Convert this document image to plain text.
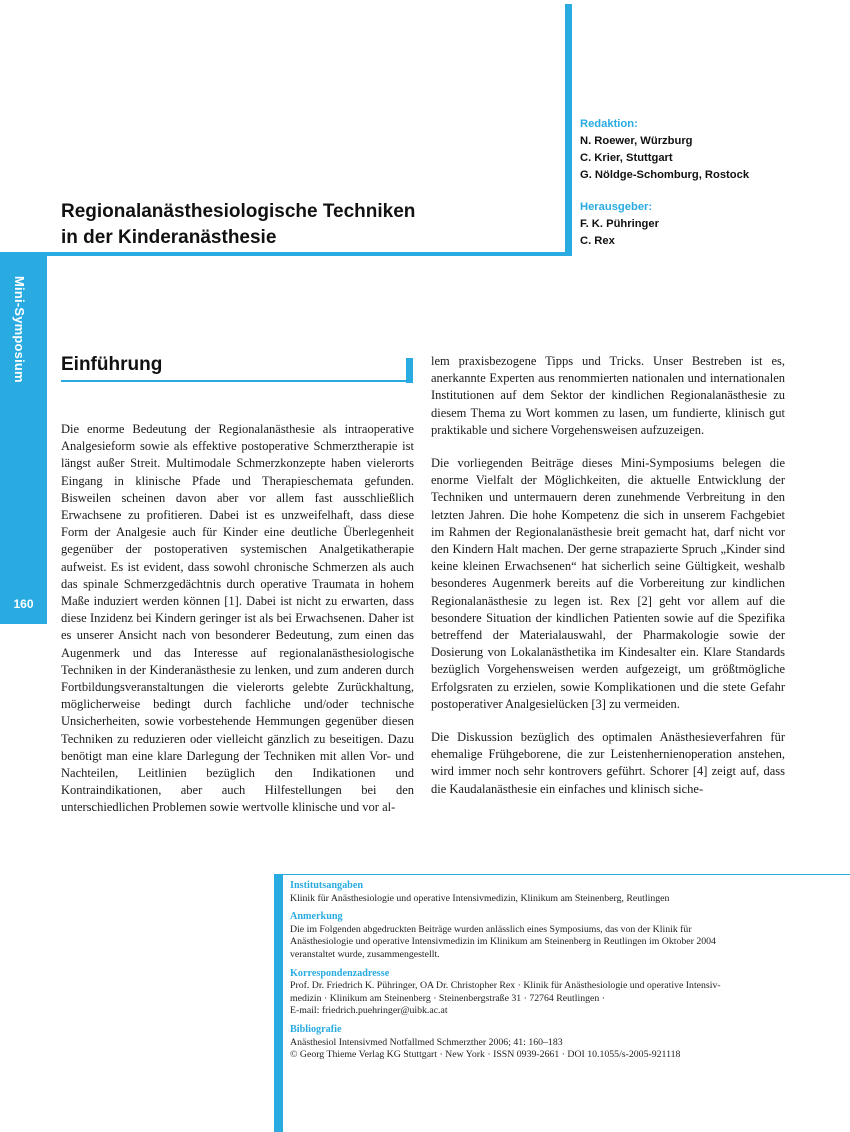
Mini-Symposium
160
Regionalanästhesiologische Techniken
in der Kinderanästhesie
Redaktion:
N. Roewer, Würzburg
C. Krier, Stuttgart
G. Nöldge-Schomburg, Rostock
Herausgeber:
F. K. Pühringer
C. Rex
Einführung

Die enorme Bedeutung der Regionalanästhesie als intraoperative Analgesieform sowie als effektive postoperative Schmerztherapie ist längst außer Streit. Multimodale Schmerzkonzepte haben vielerorts Eingang in klinische Pfade und Therapieschemata gefunden. Bisweilen scheinen davon aber vor allem fast ausschließlich Erwachsene zu profitieren. Dabei ist es unzweifelhaft, dass diese Form der Analgesie auch für Kinder eine deutliche Überlegenheit gegenüber der postoperativen systemischen Analgetikatherapie aufweist. Es ist evident, dass sowohl chronische Schmerzen als auch das spinale Schmerzgedächtnis durch operative Traumata in hohem Maße induziert werden können [1]. Dabei ist nicht zu erwarten, dass diese Inzidenz bei Kindern geringer ist als bei Erwachsenen. Daher ist es unserer Ansicht nach von besonderer Bedeutung, zum einen das Augenmerk und das Interesse auf regionalanästhesiologische Techniken in der Kinderanästhesie zu lenken, und zum anderen durch Fortbildungsveranstaltungen die vielerorts gelebte Zurückhaltung, möglicherweise bedingt durch fachliche und/oder technische Unsicherheiten, sowie vorbestehende Hemmungen gegenüber diesen Techniken zu reduzieren oder vielleicht gänzlich zu beseitigen. Dazu benötigt man eine klare Darlegung der Techniken mit allen Vor- und Nachteilen, Leitlinien bezüglich den Indikationen und Kontraindikationen, aber auch Hilfestellungen bei den unterschiedlichen Problemen sowie wertvolle klinische und vor al-

lem praxisbezogene Tipps und Tricks. Unser Bestreben ist es, anerkannte Experten aus renommierten nationalen und internationalen Institutionen auf dem Sektor der kindlichen Regionalanästhesie zu diesem Thema zu Wort kommen zu lasen, um fundierte, klinisch gut praktikable und sichere Vorgehensweisen aufzuzeigen.

Die vorliegenden Beiträge dieses Mini-Symposiums belegen die enorme Vielfalt der Möglichkeiten, die aktuelle Entwicklung der Techniken und untermauern deren zunehmende Verbreitung in den letzten Jahren. Die hohe Kompetenz die sich in unserem Fachgebiet im Rahmen der Regionalanästhesie breit gemacht hat, darf nicht vor den Kindern Halt machen. Der gerne strapazierte Spruch „Kinder sind keine kleinen Erwachsenen“ hat sicherlich seine Gültigkeit, weshalb besonderes Augenmerk bereits auf die Vorbereitung zur kindlichen Regionalanästhesie zu legen ist. Rex [2] geht vor allem auf die besondere Situation der kindlichen Patienten sowie auf die Spezifika betreffend der Materialauswahl, der Pharmakologie sowie der Dosierung von Lokalanästhetika im Kindesalter ein. Klare Standards bezüglich Vorgehensweisen werden aufgezeigt, um größtmögliche Erfolgsraten zu erzielen, sowie Komplikationen und die stete Gefahr postoperativer Analgesielücken [3] zu vermeiden.

Die Diskussion bezüglich des optimalen Anästhesieverfahren für ehemalige Frühgeborene, die zur Leistenhernienoperation anstehen, wird immer noch sehr kontrovers geführt. Schorer [4] zeigt auf, dass die Kaudalanästhesie ein einfaches und klinisch siche-

Institutsangaben
Klinik für Anästhesiologie und operative Intensivmedizin, Klinikum am Steinenberg, Reutlingen
Anmerkung
Die im Folgenden abgedruckten Beiträge wurden anlässlich eines Symposiums, das von der Klinik für
Anästhesiologie und operative Intensivmedizin im Klinikum am Steinenberg in Reutlingen im Oktober 2004
veranstaltet wurde, zusammengestellt.
Korrespondenzadresse
Prof. Dr. Friedrich K. Pühringer, OA Dr. Christopher Rex · Klinik für Anästhesiologie und operative Intensiv-
medizin · Klinikum am Steinenberg · Steinenbergstraße 31 · 72764 Reutlingen ·
E-mail: friedrich.puehringer@uibk.ac.at
Bibliografie
Anästhesiol Intensivmed Notfallmed Schmerzther 2006; 41: 160–183
© Georg Thieme Verlag KG Stuttgart · New York · ISSN 0939-2661 · DOI 10.1055/s-2005-921118
